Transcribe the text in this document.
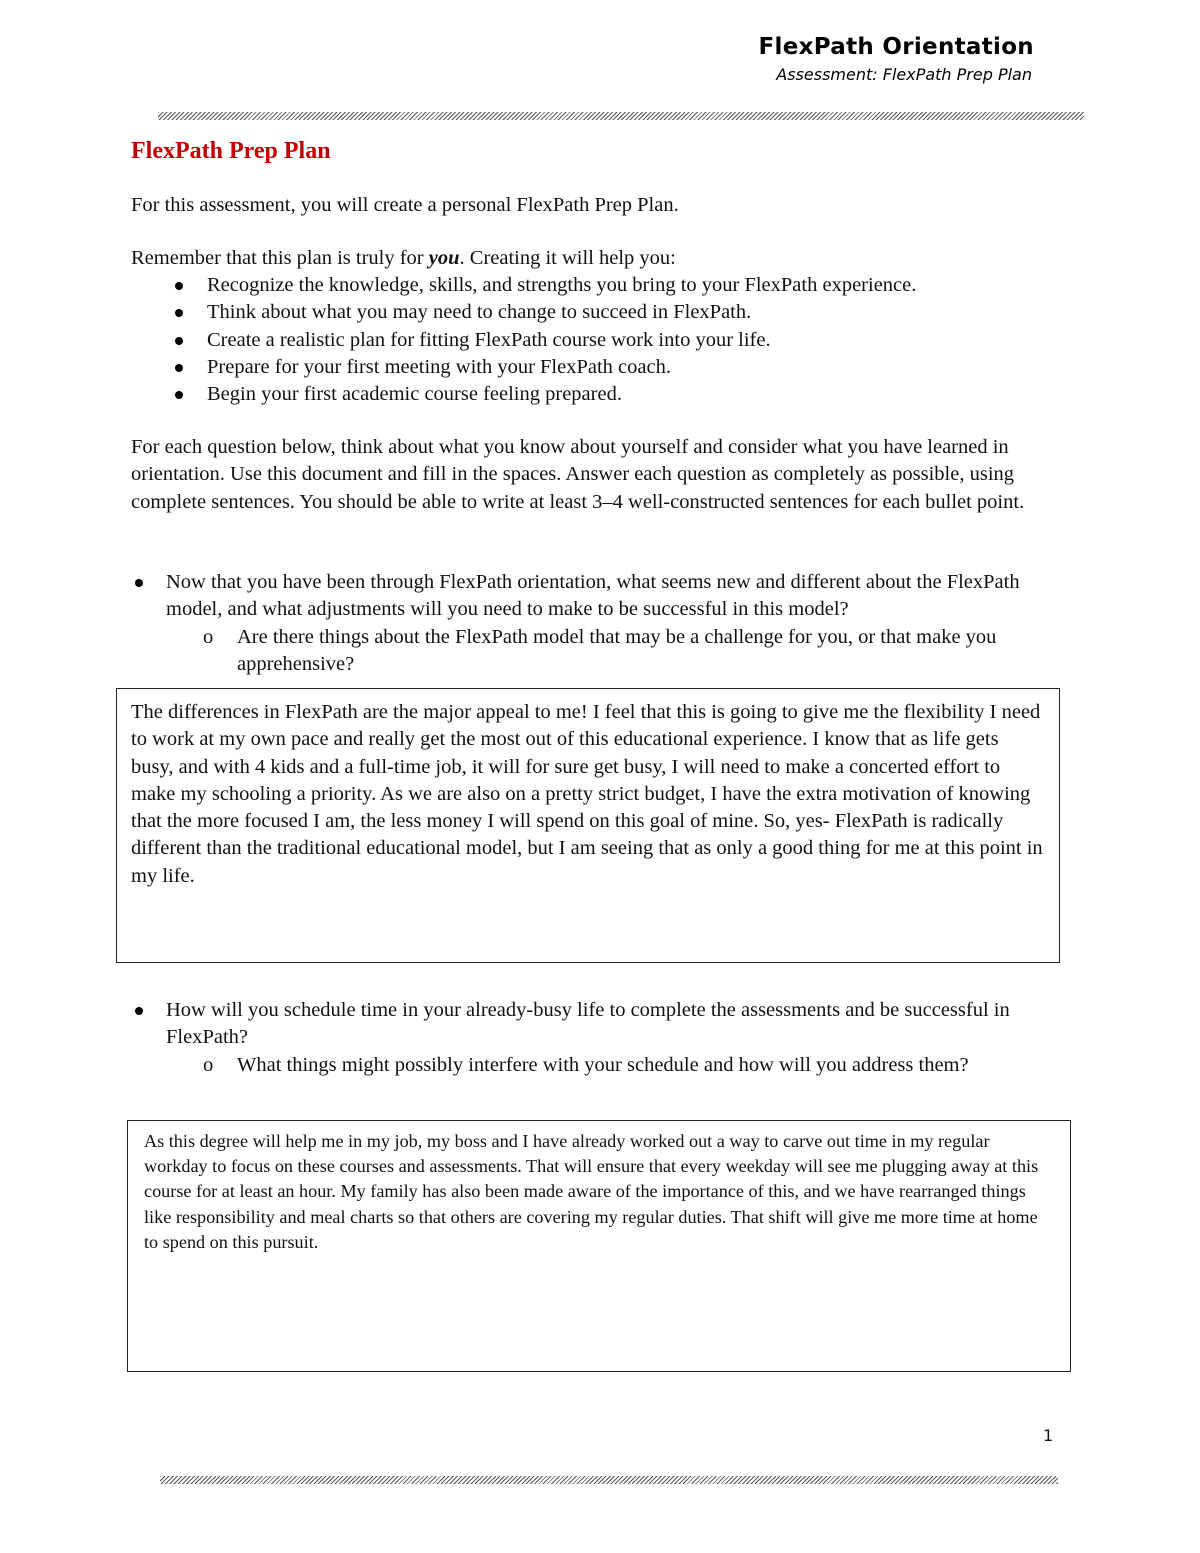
FlexPath Orientation
Assessment: FlexPath Prep Plan
FlexPath Prep Plan

For this assessment, you will create a personal FlexPath Prep Plan.

Remember that this plan is truly for you. Creating it will help you:

Recognize the knowledge, skills, and strengths you bring to your FlexPath experience.
Think about what you may need to change to succeed in FlexPath.
Create a realistic plan for fitting FlexPath course work into your life.
Prepare for your first meeting with your FlexPath coach.
Begin your first academic course feeling prepared.

For each question below, think about what you know about yourself and consider what you have learned in orientation. Use this document and fill in the spaces. Answer each question as completely as possible, using complete sentences. You should be able to write at least 3–4 well-constructed sentences for each bullet point.

Now that you have been through FlexPath orientation, what seems new and different about the FlexPath model, and what adjustments will you need to make to be successful in this model?
o Are there things about the FlexPath model that may be a challenge for you, or that make you apprehensive?
The differences in FlexPath are the major appeal to me! I feel that this is going to give me the flexibility I need to work at my own pace and really get the most out of this educational experience. I know that as life gets busy, and with 4 kids and a full-time job, it will for sure get busy, I will need to make a concerted effort to make my schooling a priority. As we are also on a pretty strict budget, I have the extra motivation of knowing that the more focused I am, the less money I will spend on this goal of mine. So, yes- FlexPath is radically different than the traditional educational model, but I am seeing that as only a good thing for me at this point in my life.
How will you schedule time in your already-busy life to complete the assessments and be successful in FlexPath?
o What things might possibly interfere with your schedule and how will you address them?
As this degree will help me in my job, my boss and I have already worked out a way to carve out time in my regular workday to focus on these courses and assessments. That will ensure that every weekday will see me plugging away at this course for at least an hour. My family has also been made aware of the importance of this, and we have rearranged things like responsibility and meal charts so that others are covering my regular duties. That shift will give me more time at home to spend on this pursuit.
1
